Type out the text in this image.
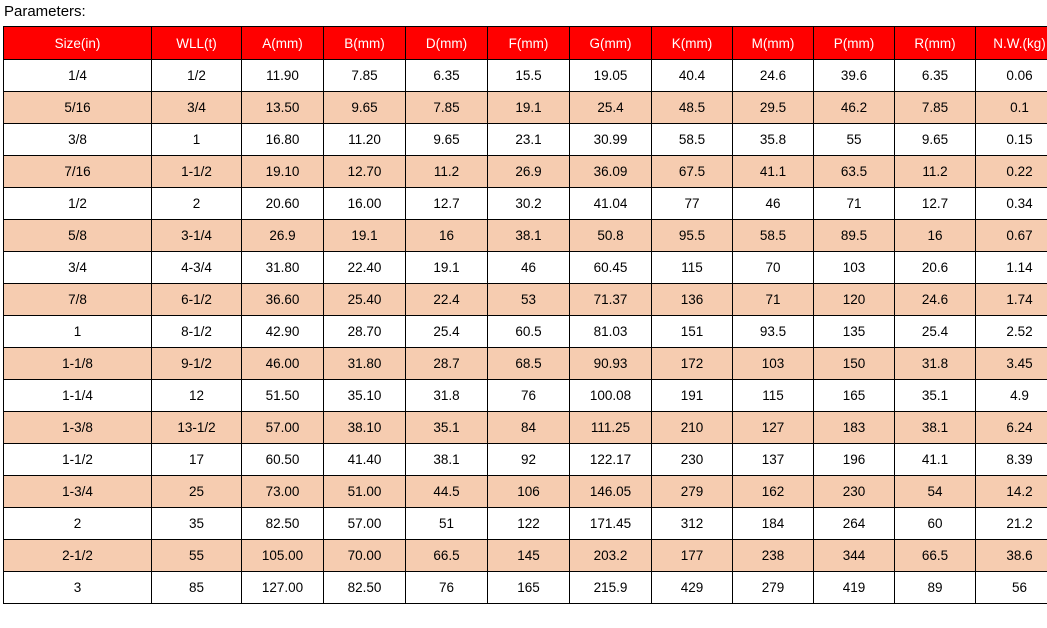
Parameters:
Size(in)	WLL(t)	A(mm)	B(mm)	D(mm)	F(mm)	G(mm)	K(mm)	M(mm)	P(mm)	R(mm)	N.W.(kg)
1/4	1/2	11.90	7.85	6.35	15.5	19.05	40.4	24.6	39.6	6.35	0.06
5/16	3/4	13.50	9.65	7.85	19.1	25.4	48.5	29.5	46.2	7.85	0.1
3/8	1	16.80	11.20	9.65	23.1	30.99	58.5	35.8	55	9.65	0.15
7/16	1-1/2	19.10	12.70	11.2	26.9	36.09	67.5	41.1	63.5	11.2	0.22
1/2	2	20.60	16.00	12.7	30.2	41.04	77	46	71	12.7	0.34
5/8	3-1/4	26.9	19.1	16	38.1	50.8	95.5	58.5	89.5	16	0.67
3/4	4-3/4	31.80	22.40	19.1	46	60.45	115	70	103	20.6	1.14
7/8	6-1/2	36.60	25.40	22.4	53	71.37	136	71	120	24.6	1.74
1	8-1/2	42.90	28.70	25.4	60.5	81.03	151	93.5	135	25.4	2.52
1-1/8	9-1/2	46.00	31.80	28.7	68.5	90.93	172	103	150	31.8	3.45
1-1/4	12	51.50	35.10	31.8	76	100.08	191	115	165	35.1	4.9
1-3/8	13-1/2	57.00	38.10	35.1	84	111.25	210	127	183	38.1	6.24
1-1/2	17	60.50	41.40	38.1	92	122.17	230	137	196	41.1	8.39
1-3/4	25	73.00	51.00	44.5	106	146.05	279	162	230	54	14.2
2	35	82.50	57.00	51	122	171.45	312	184	264	60	21.2
2-1/2	55	105.00	70.00	66.5	145	203.2	177	238	344	66.5	38.6
3	85	127.00	82.50	76	165	215.9	429	279	419	89	56
